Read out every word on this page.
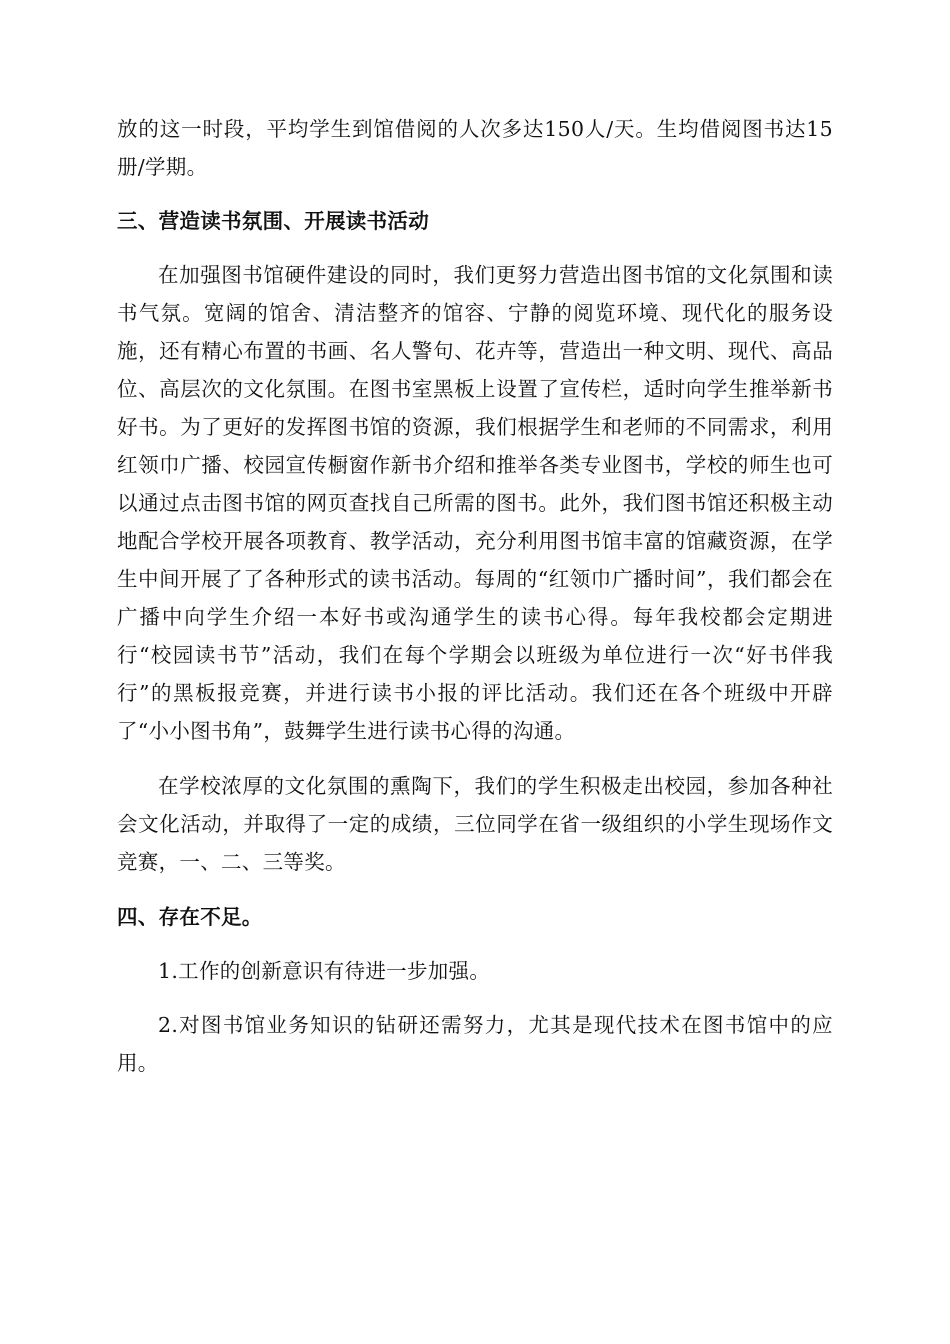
放的这一时段，平均学生到馆借阅的人次多达150人/天。生均借阅图书达15册/学期。

三、营造读书氛围、开展读书活动

在加强图书馆硬件建设的同时，我们更努力营造出图书馆的文化氛围和读书气氛。宽阔的馆舍、清洁整齐的馆容、宁静的阅览环境、现代化的服务设施，还有精心布置的书画、名人警句、花卉等，营造出一种文明、现代、高品位、高层次的文化氛围。在图书室黑板上设置了宣传栏，适时向学生推举新书好书。为了更好的发挥图书馆的资源，我们根据学生和老师的不同需求，利用红领巾广播、校园宣传橱窗作新书介绍和推举各类专业图书，学校的师生也可以通过点击图书馆的网页查找自己所需的图书。此外，我们图书馆还积极主动地配合学校开展各项教育、教学活动，充分利用图书馆丰富的馆藏资源，在学生中间开展了了各种形式的读书活动。每周的“红领巾广播时间”，我们都会在广播中向学生介绍一本好书或沟通学生的读书心得。每年我校都会定期进行“校园读书节”活动，我们在每个学期会以班级为单位进行一次“好书伴我行”的黑板报竞赛，并进行读书小报的评比活动。我们还在各个班级中开辟了“小小图书角”，鼓舞学生进行读书心得的沟通。

在学校浓厚的文化氛围的熏陶下，我们的学生积极走出校园，参加各种社会文化活动，并取得了一定的成绩，三位同学在省一级组织的小学生现场作文竞赛，一、二、三等奖。

四、存在不足。

1.工作的创新意识有待进一步加强。

2.对图书馆业务知识的钻研还需努力，尤其是现代技术在图书馆中的应用。
